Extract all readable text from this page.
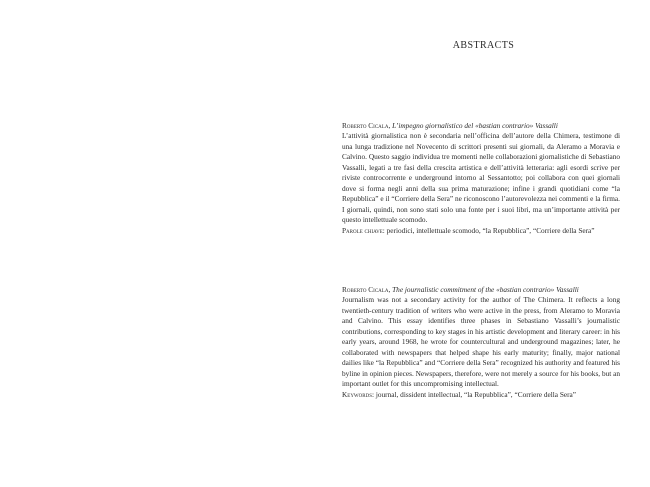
ABSTRACTS

Roberto Cicala, L’impegno giornalistico del «bastian contrario» Vassalli

L’attività giornalistica non è secondaria nell’officina dell’autore della Chimera, testimone di una lunga tradizione nel Novecento di scrittori presenti sui giornali, da Aleramo a Moravia e Calvino. Questo saggio individua tre momenti nelle collaborazioni giornalistiche di Sebastiano Vassalli, legati a tre fasi della crescita artistica e dell’attività letteraria: agli esordi scrive per riviste controcorrente e underground intorno al Sessantotto; poi collabora con quei giornali dove si forma negli anni della sua prima maturazione; infine i grandi quotidiani come “la Repubblica” e il “Corriere della Sera” ne riconoscono l’autorevolezza nei commenti e la firma. I giornali, quindi, non sono stati solo una fonte per i suoi libri, ma un’importante attività per questo intellettuale scomodo.

Parole chiave: periodici, intellettuale scomodo, “la Repubblica”, “Corriere della Sera”

Roberto Cicala, The journalistic commitment of the «bastian contrario» Vassalli

Journalism was not a secondary activity for the author of The Chimera. It reflects a long twentieth-century tradition of writers who were active in the press, from Aleramo to Moravia and Calvino. This essay identifies three phases in Sebastiano Vassalli’s journalistic contributions, corresponding to key stages in his artistic development and literary career: in his early years, around 1968, he wrote for countercultural and underground magazines; later, he collaborated with newspapers that helped shape his early maturity; finally, major national dailies like “la Repubblica” and “Corriere della Sera” recognized his authority and featured his byline in opinion pieces. Newspapers, therefore, were not merely a source for his books, but an important outlet for this uncompromising intellectual.

Keywords: journal, dissident intellectual, “la Repubblica”, “Corriere della Sera”
